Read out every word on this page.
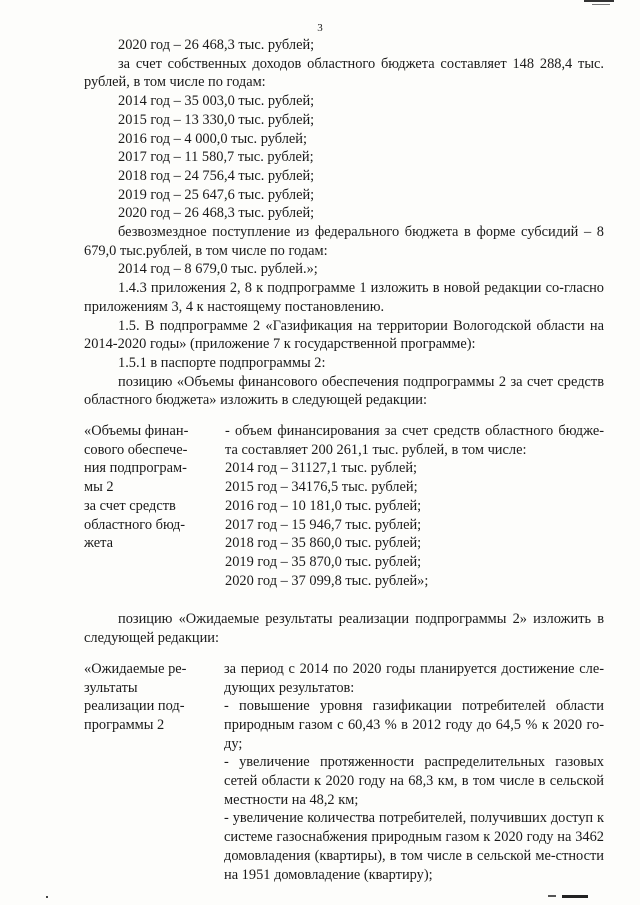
3

2020 год – 26 468,3 тыс. рублей;

за счет собственных доходов областного бюджета составляет 148 288,4 тыс. рублей, в том числе по годам:

2014 год – 35 003,0 тыс. рублей;

2015 год – 13 330,0 тыс. рублей;

2016 год – 4 000,0 тыс. рублей;

2017 год – 11 580,7 тыс. рублей;

2018 год – 24 756,4 тыс. рублей;

2019 год – 25 647,6 тыс. рублей;

2020 год – 26 468,3 тыс. рублей;

безвозмездное поступление из федерального бюджета в форме субсидий – 8 679,0 тыс.рублей, в том числе по годам:

2014 год – 8 679,0 тыс. рублей.»;

1.4.3 приложения 2, 8 к подпрограмме 1 изложить в новой редакции со-гласно приложениям 3, 4 к настоящему постановлению.

1.5. В подпрограмме 2 «Газификация на территории Вологодской области на 2014-2020 годы» (приложение 7 к государственной программе):

1.5.1 в паспорте подпрограммы 2:

позицию «Объемы финансового обеспечения подпрограммы 2 за счет средств областного бюджета» изложить в следующей редакции:

«Объемы финан-
сового обеспече-
ния подпрограм-
мы 2
за счет средств
областного бюд-
жета

- объем финансирования за счет средств областного бюдже-та составляет 200 261,1 тыс. рублей, в том числе:

2014 год – 31127,1 тыс. рублей;

2015 год – 34176,5 тыс. рублей;

2016 год – 10 181,0 тыс. рублей;

2017 год – 15 946,7 тыс. рублей;

2018 год – 35 860,0 тыс. рублей;

2019 год – 35 870,0 тыс. рублей;

2020 год – 37 099,8 тыс. рублей»;

позицию «Ожидаемые результаты реализации подпрограммы 2» изложить в следующей редакции:

«Ожидаемые ре-
зультаты
реализации под-
программы 2

за период с 2014 по 2020 годы планируется достижение сле-дующих результатов:

- повышение уровня газификации потребителей области природным газом с 60,43 % в 2012 году до 64,5 % к 2020 го-ду;

- увеличение протяженности распределительных газовых сетей области к 2020 году на 68,3 км, в том числе в сельской местности на 48,2 км;

- увеличение количества потребителей, получивших доступ к системе газоснабжения природным газом к 2020 году на 3462 домовладения (квартиры), в том числе в сельской ме-стности на 1951 домовладение (квартиру);
